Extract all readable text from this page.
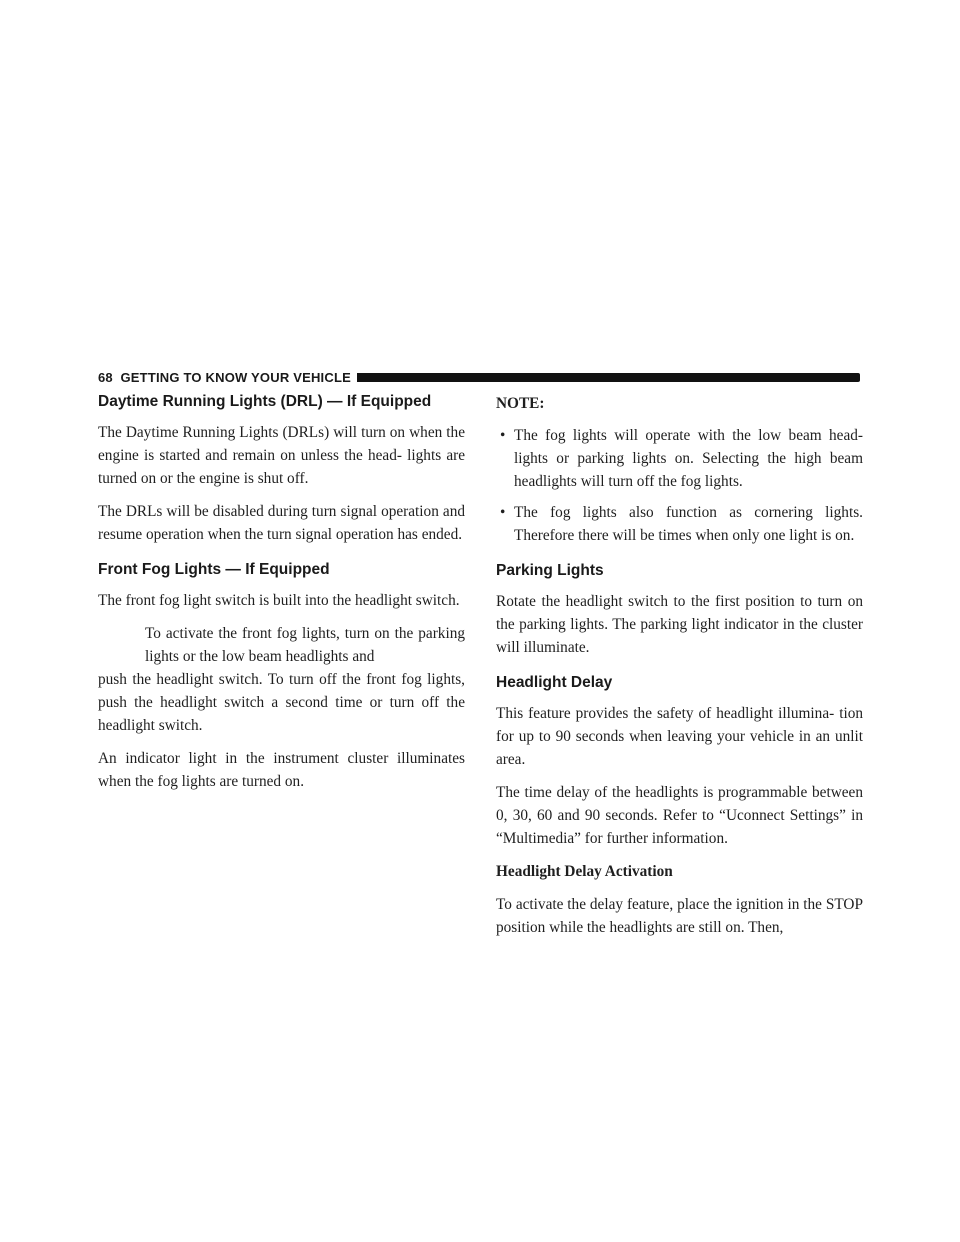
68 GETTING TO KNOW YOUR VEHICLE
Daytime Running Lights (DRL) — If Equipped

The Daytime Running Lights (DRLs) will turn on when the engine is started and remain on unless the head- lights are turned on or the engine is shut off.

The DRLs will be disabled during turn signal operation and resume operation when the turn signal operation has ended.

Front Fog Lights — If Equipped

The front fog light switch is built into the headlight switch.

To activate the front fog lights, turn on the parking lights or the low beam headlights and

push the headlight switch. To turn off the front fog lights, push the headlight switch a second time or turn off the headlight switch.

An indicator light in the instrument cluster illuminates when the fog lights are turned on.

NOTE:
• The fog lights will operate with the low beam head- lights or parking lights on. Selecting the high beam headlights will turn off the fog lights.
• The fog lights also function as cornering lights. Therefore there will be times when only one light is on.
Parking Lights

Rotate the headlight switch to the first position to turn on the parking lights. The parking light indicator in the cluster will illuminate.

Headlight Delay

This feature provides the safety of headlight illumina- tion for up to 90 seconds when leaving your vehicle in an unlit area.

The time delay of the headlights is programmable between 0, 30, 60 and 90 seconds. Refer to “Uconnect Settings” in “Multimedia” for further information.

Headlight Delay Activation

To activate the delay feature, place the ignition in the STOP position while the headlights are still on. Then,
